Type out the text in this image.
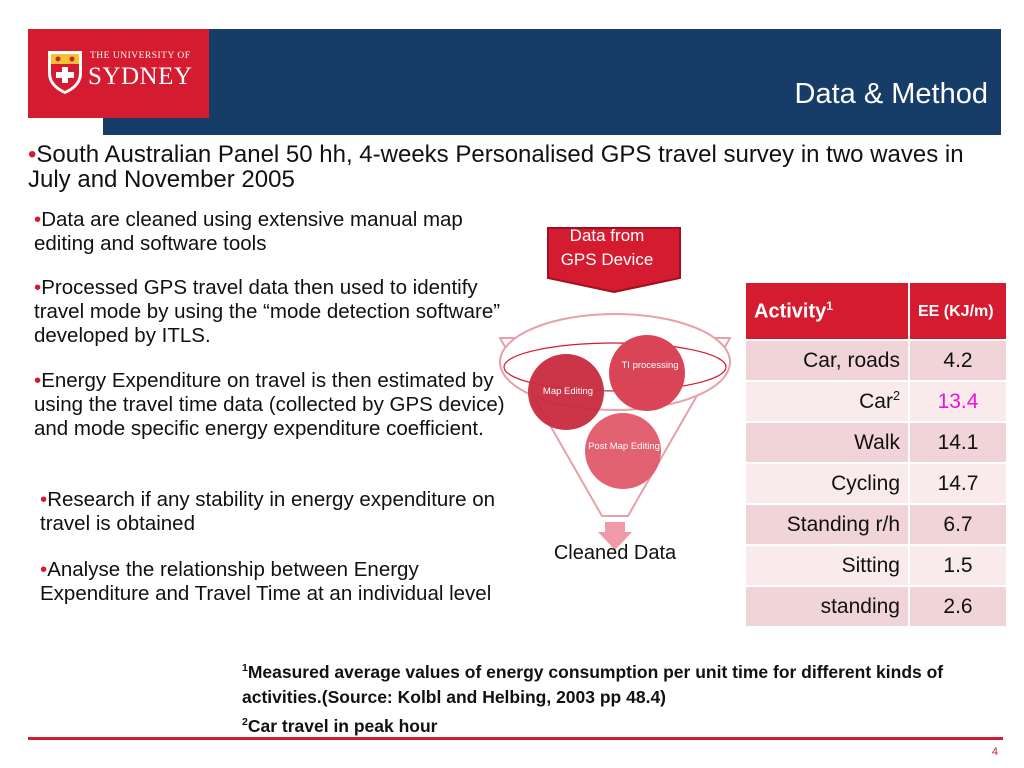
THE UNIVERSITY OF
SYDNEY
Data & Method
•South Australian Panel 50 hh, 4-weeks Personalised GPS travel survey in two waves in July and November 2005
•Data are cleaned using extensive manual map editing and software tools
•Processed GPS travel data then used to identify travel mode by using the “mode detection software” developed by ITLS.
•Energy Expenditure on travel is then estimated by using the travel time data (collected by GPS device) and mode specific energy expenditure coefficient.
•Research if any stability in energy expenditure on travel is obtained
•Analyse the relationship between Energy Expenditure and Travel Time at an individual level
Data from GPS Device
TI processing
Map Editing
Post Map Editing
Cleaned Data
Activity$^1$	EE (KJ/m)
Car, roads	4.2
Car$^2$	13.4
Walk	14.1
Cycling	14.7
Standing r/h	6.7
Sitting	1.5
standing	2.6
$^1$Measured average values of energy consumption per unit time for different kinds of activities.(Source: Kolbl and Helbing, 2003 pp 48.4)
$^2$Car travel in peak hour
4
